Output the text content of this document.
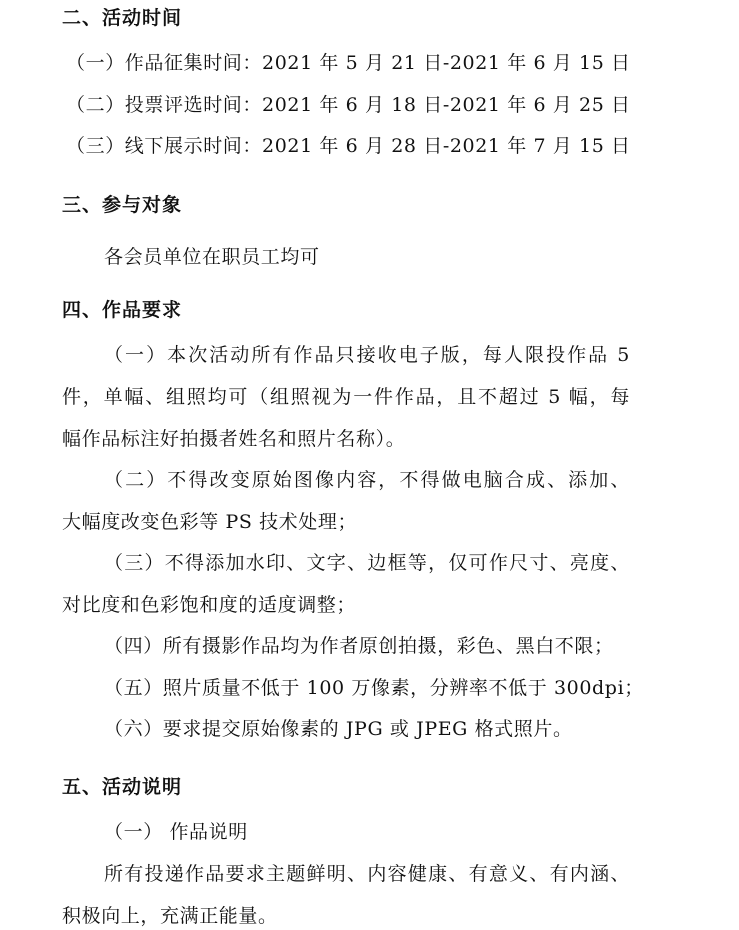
二、活动时间
（一）作品征集时间：2021 年 5 月 21 日-2021 年 6 月 15 日
（二）投票评选时间：2021 年 6 月 18 日-2021 年 6 月 25 日
（三）线下展示时间：2021 年 6 月 28 日-2021 年 7 月 15 日
三、参与对象
各会员单位在职员工均可
四、作品要求
（一）本次活动所有作品只接收电子版，每人限投作品 5
件，单幅、组照均可（组照视为一件作品，且不超过 5 幅，每
幅作品标注好拍摄者姓名和照片名称）。
（二）不得改变原始图像内容，不得做电脑合成、添加、
大幅度改变色彩等 PS 技术处理；
（三）不得添加水印、文字、边框等，仅可作尺寸、亮度、
对比度和色彩饱和度的适度调整；
（四）所有摄影作品均为作者原创拍摄，彩色、黑白不限；
（五）照片质量不低于 100 万像素，分辨率不低于 300dpi；
（六）要求提交原始像素的 JPG 或 JPEG 格式照片。
五、活动说明
（一） 作品说明
所有投递作品要求主题鲜明、内容健康、有意义、有内涵、
积极向上，充满正能量。
